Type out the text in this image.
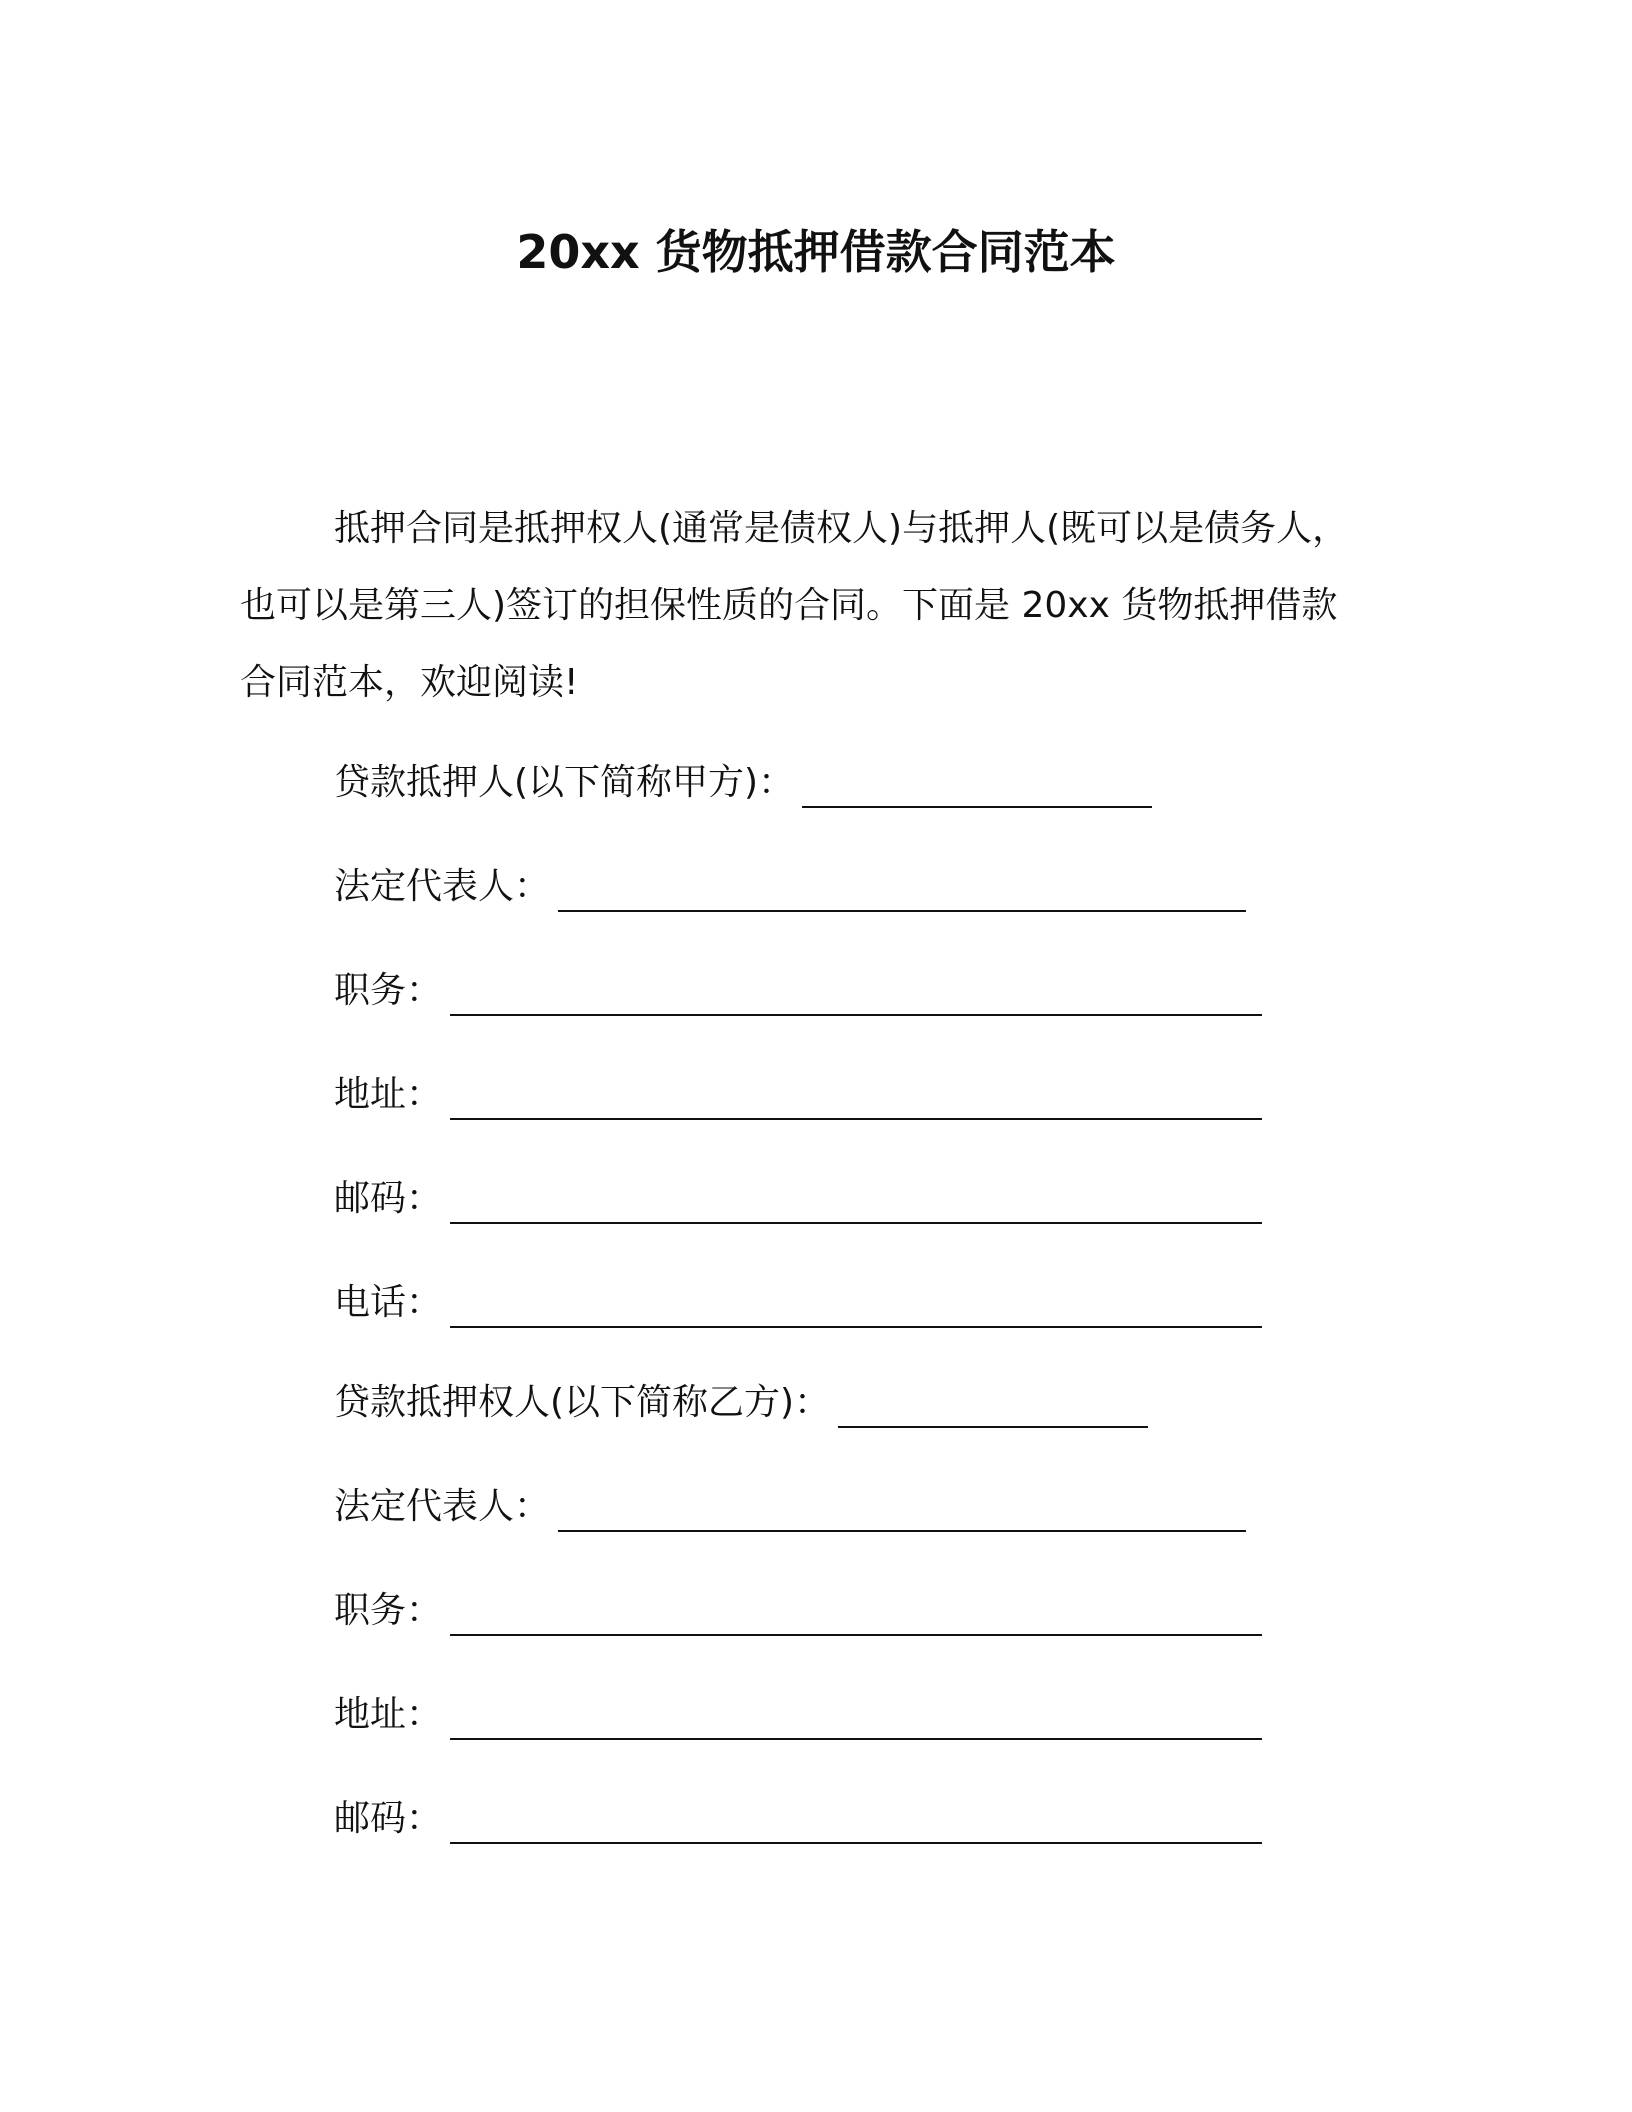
20xx 货物抵押借款合同范本

抵押合同是抵押权人(通常是债权人)与抵押人(既可以是债务人，也可以是第三人)签订的担保性质的合同。下面是 20xx 货物抵押借款合同范本，欢迎阅读!

贷款抵押人(以下简称甲方)：
法定代表人：
职务：
地址：
邮码：
电话：
贷款抵押权人(以下简称乙方)：
法定代表人：
职务：
地址：
邮码：
